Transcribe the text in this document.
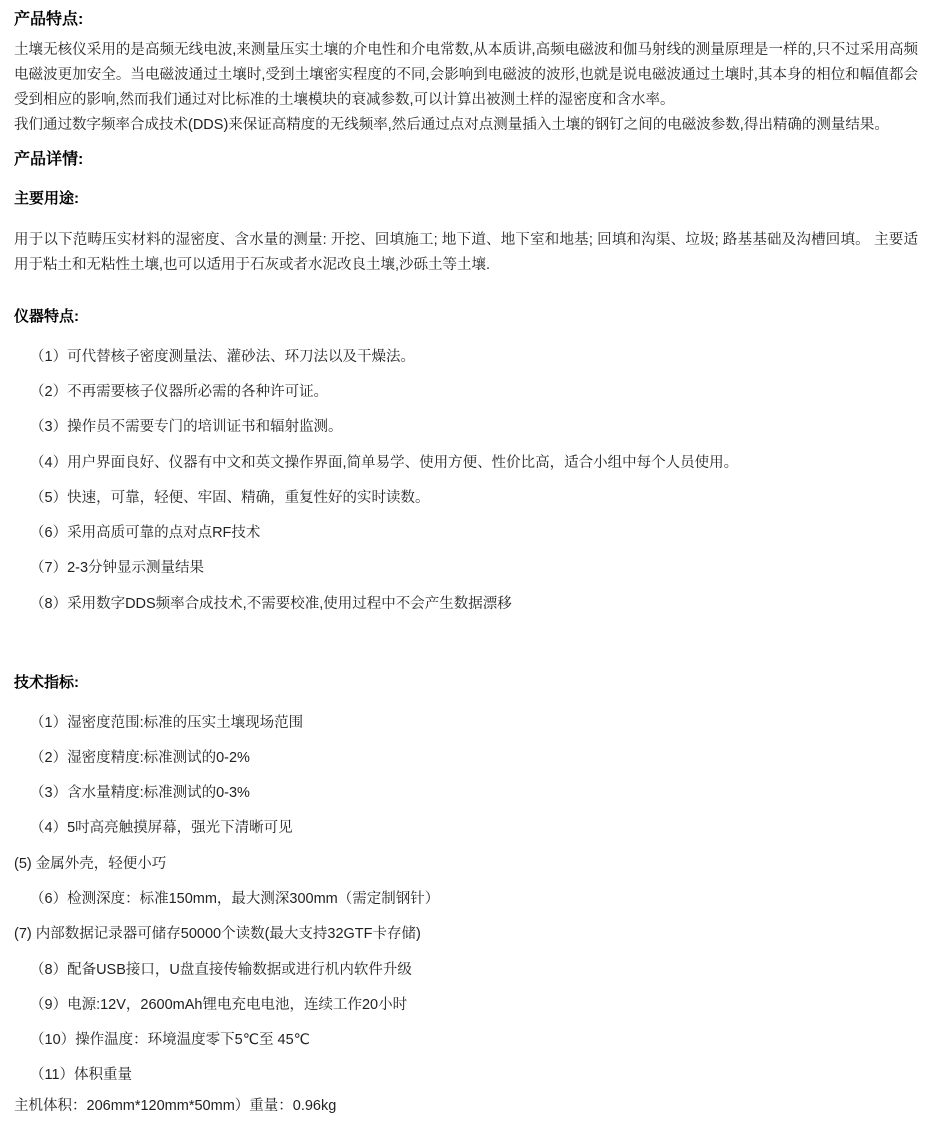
产品特点:

土壤无核仪采用的是高频无线电波,来测量压实土壤的介电性和介电常数,从本质讲,高频电磁波和伽马射线的测量原理是一样的,只不过采用高频电磁波更加安全。当电磁波通过土壤时,受到土壤密实程度的不同,会影响到电磁波的波形,也就是说电磁波通过土壤时,其本身的相位和幅值都会受到相应的影响,然而我们通过对比标准的土壤模块的衰减参数,可以计算出被测土样的湿密度和含水率。

我们通过数字频率合成技术(DDS)来保证高精度的无线频率,然后通过点对点测量插入土壤的钢钉之间的电磁波参数,得出精确的测量结果。

产品详情:
主要用途:

用于以下范畴压实材料的湿密度、含水量的测量: 开挖、回填施工; 地下道、地下室和地基; 回填和沟渠、垃圾; 路基基础及沟槽回填。 主要适用于粘土和无粘性土壤,也可以适用于石灰或者水泥改良土壤,沙砾土等土壤.

仪器特点:
（1）可代替核子密度测量法、灌砂法、环刀法以及干燥法。
（2）不再需要核子仪器所必需的各种许可证。
（3）操作员不需要专门的培训证书和辐射监测。
（4）用户界面良好、仪器有中文和英文操作界面,简单易学、使用方便、性价比高，适合小组中每个人员使用。
（5）快速，可靠，轻便、牢固、精确，重复性好的实时读数。
（6）采用高质可靠的点对点RF技术
（7）2-3分钟显示测量结果
（8）采用数字DDS频率合成技术,不需要校准,使用过程中不会产生数据漂移
技术指标:
（1）湿密度范围:标准的压实土壤现场范围
（2）湿密度精度:标准测试的0-2%
（3）含水量精度:标准测试的0-3%
（4）5吋高亮触摸屏幕，强光下清晰可见
(5) 金属外壳，轻便小巧
（6）检测深度：标准150mm，最大测深300mm（需定制钢针）
(7) 内部数据记录器可储存50000个读数(最大支持32GTF卡存储)
（8）配备USB接口，U盘直接传输数据或进行机内软件升级
（9）电源:12V，2600mAh锂电充电电池，连续工作20小时
（10）操作温度：环境温度零下5℃至 45℃
（11）体积重量

主机体积：206mm*120mm*50mm）重量：0.96kg
